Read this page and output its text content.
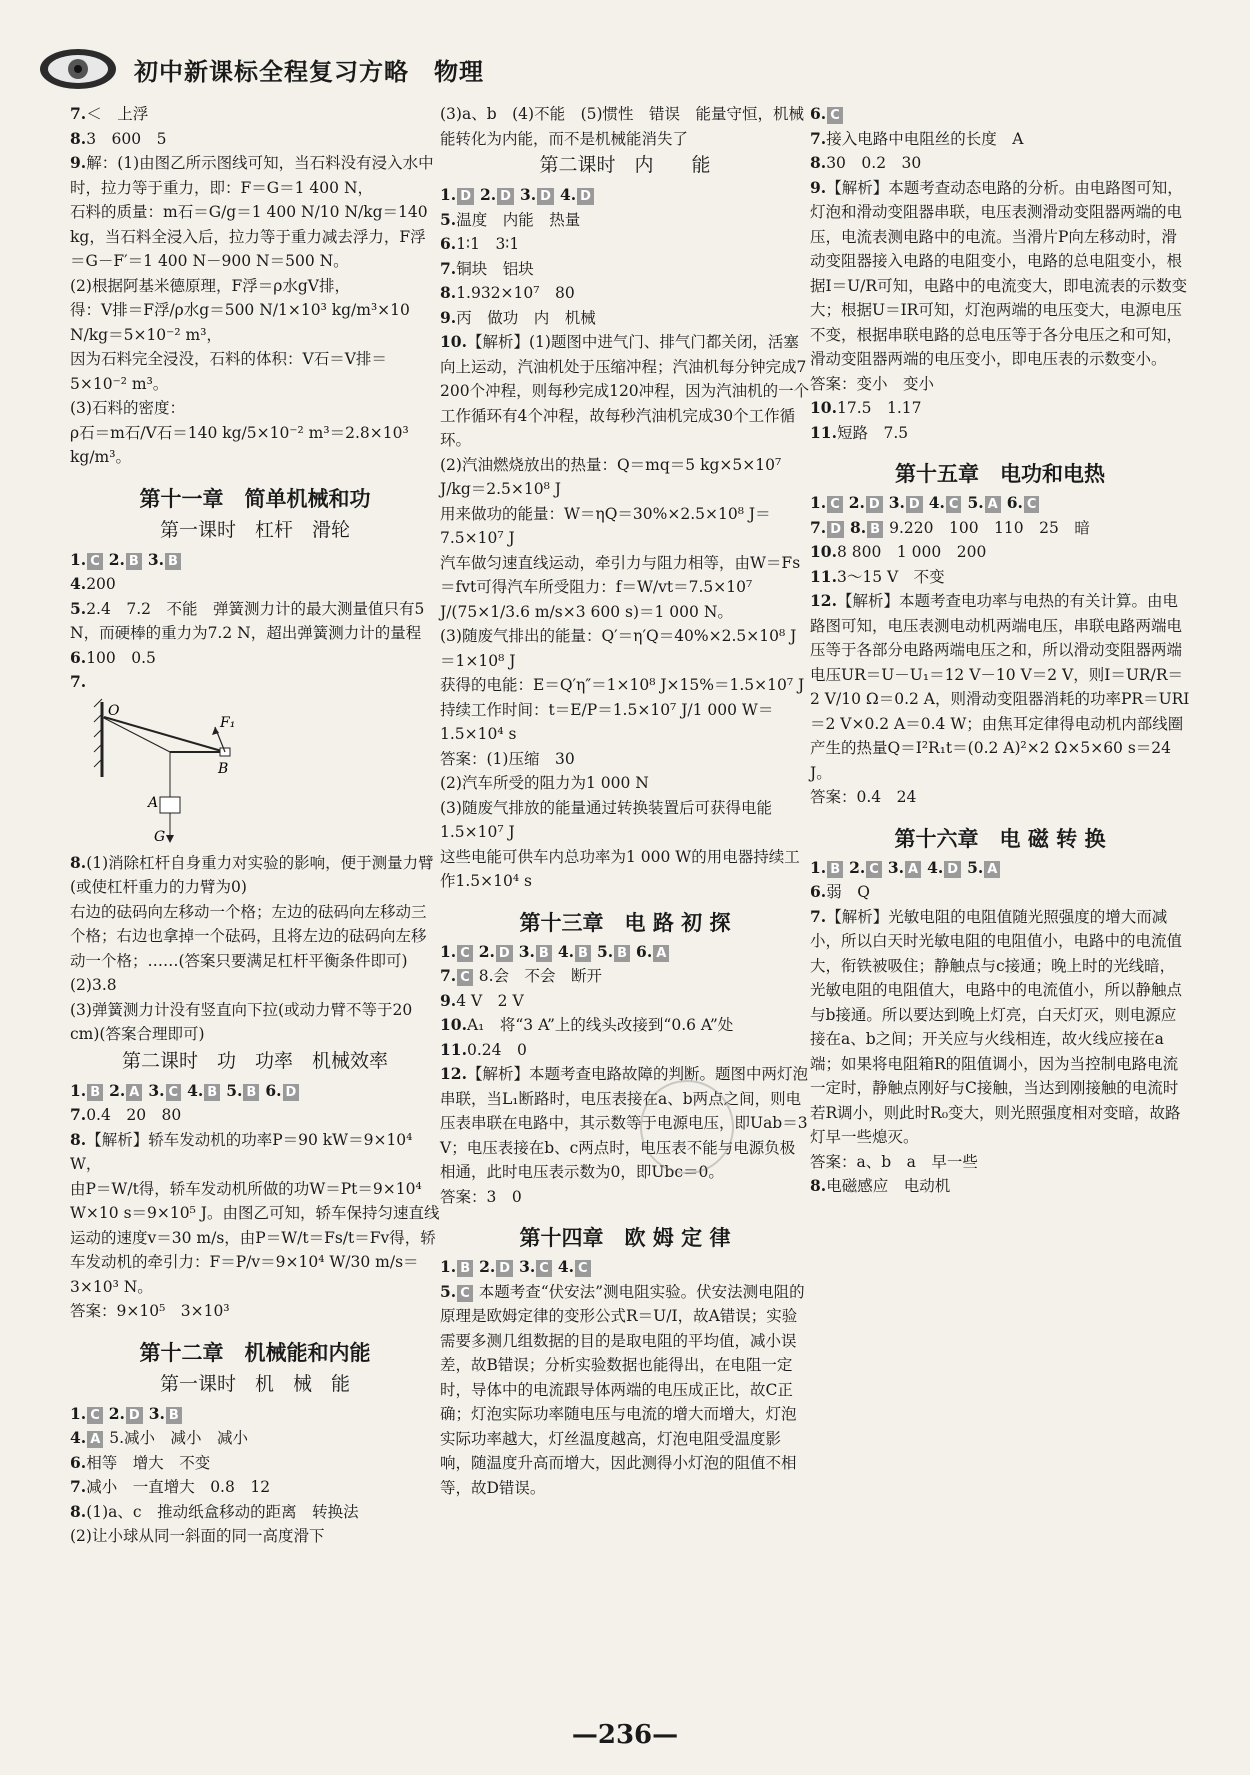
初中新课标全程复习方略　物理
7.＜　上浮
8.3　600　5
9.解：(1)由图乙所示图线可知，当石料没有浸入水中时，拉力等于重力，即：F＝G＝1 400 N，
石料的质量：m石＝G/g＝1 400 N/10 N/kg＝140 kg，当石料全浸入后，拉力等于重力减去浮力，F浮＝G－F′＝1 400 N－900 N＝500 N。
(2)根据阿基米德原理，F浮＝ρ水gV排，
得：V排＝F浮/ρ水g＝500 N/1×10³ kg/m³×10 N/kg＝5×10⁻² m³，
因为石料完全浸没，石料的体积：V石＝V排＝5×10⁻² m³。
(3)石料的密度：
ρ石＝m石/V石＝140 kg/5×10⁻² m³＝2.8×10³ kg/m³。
第十一章　简单机械和功
第一课时　杠杆　滑轮
1. C 2. B 3. B
4.200
5.2.4　7.2　不能　弹簧测力计的最大测量值只有5 N，而硬棒的重力为7.2 N，超出弹簧测力计的量程
6.100　0.5
7.
O
F₁
B
A
G
8.(1)消除杠杆自身重力对实验的影响，便于测量力臂(或使杠杆重力的力臂为0)
右边的砝码向左移动一个格；左边的砝码向左移动三个格；右边也拿掉一个砝码，且将左边的砝码向左移动一个格；……(答案只要满足杠杆平衡条件即可)
(2)3.8
(3)弹簧测力计没有竖直向下拉(或动力臂不等于20 cm)(答案合理即可)
第二课时　功　功率　机械效率
1. B 2. A 3. C 4. B 5. B 6. D
7.0.4　20　80
8.【解析】轿车发动机的功率P＝90 kW＝9×10⁴ W，
由P＝W/t得，轿车发动机所做的功W＝Pt＝9×10⁴ W×10 s＝9×10⁵ J。由图乙可知，轿车保持匀速直线运动的速度v＝30 m/s，由P＝W/t＝Fs/t＝Fv得，轿车发动机的牵引力：F＝P/v＝9×10⁴ W/30 m/s＝3×10³ N。
答案：9×10⁵　3×10³
第十二章　机械能和内能
第一课时　机　械　能
1. C 2. D 3. B
4. A 5.减小　减小　减小
6.相等　增大　不变
7.减小　一直增大　0.8　12
8.(1)a、c　推动纸盒移动的距离　转换法
(2)让小球从同一斜面的同一高度滑下
(3)a、b　(4)不能　(5)惯性　错误　能量守恒，机械能转化为内能，而不是机械能消失了
第二课时　内　　能
1. D 2. D 3. D 4. D
5.温度　内能　热量
6.1∶1　3∶1
7.铜块　铝块
8.1.932×10⁷　80
9.丙　做功　内　机械
10.【解析】(1)题图中进气门、排气门都关闭，活塞向上运动，汽油机处于压缩冲程；汽油机每分钟完成7 200个冲程，则每秒完成120冲程，因为汽油机的一个工作循环有4个冲程，故每秒汽油机完成30个工作循环。
(2)汽油燃烧放出的热量：Q＝mq＝5 kg×5×10⁷ J/kg＝2.5×10⁸ J
用来做功的能量：W＝ηQ＝30%×2.5×10⁸ J＝7.5×10⁷ J
汽车做匀速直线运动，牵引力与阻力相等，由W＝Fs＝fvt可得汽车所受阻力：f＝W/vt＝7.5×10⁷ J/(75×1/3.6 m/s×3 600 s)＝1 000 N。
(3)随废气排出的能量：Q′＝η′Q＝40%×2.5×10⁸ J＝1×10⁸ J
获得的电能：E＝Q′η″＝1×10⁸ J×15%＝1.5×10⁷ J
持续工作时间：t＝E/P＝1.5×10⁷ J/1 000 W＝1.5×10⁴ s
答案：(1)压缩　30
(2)汽车所受的阻力为1 000 N
(3)随废气排放的能量通过转换装置后可获得电能1.5×10⁷ J
这些电能可供车内总功率为1 000 W的用电器持续工作1.5×10⁴ s
第十三章　电 路 初 探
1. C 2. D 3. B 4. B 5. B 6. A
7. C 8.会　不会　断开
9.4 V　2 V
10.A₁　将“3 A”上的线头改接到“0.6 A”处
11.0.24　0
12.【解析】本题考查电路故障的判断。题图中两灯泡串联，当L₁断路时，电压表接在a、b两点之间，则电压表串联在电路中，其示数等于电源电压，即Uab＝3 V；电压表接在b、c两点时，电压表不能与电源负极相通，此时电压表示数为0，即Ubc＝0。
答案：3　0
第十四章　欧 姆 定 律
1. B 2. D 3. C 4. C
5. C 本题考查“伏安法”测电阻实验。伏安法测电阻的原理是欧姆定律的变形公式R＝U/I，故A错误；实验需要多测几组数据的目的是取电阻的平均值，减小误差，故B错误；分析实验数据也能得出，在电阻一定时，导体中的电流跟导体两端的电压成正比，故C正确；灯泡实际功率随电压与电流的增大而增大，灯泡实际功率越大，灯丝温度越高，灯泡电阻受温度影响，随温度升高而增大，因此测得小灯泡的阻值不相等，故D错误。
6. C
7.接入电路中电阻丝的长度　A
8.30　0.2　30
9.【解析】本题考查动态电路的分析。由电路图可知，灯泡和滑动变阻器串联，电压表测滑动变阻器两端的电压，电流表测电路中的电流。当滑片P向左移动时，滑动变阻器接入电路的电阻变小，电路的总电阻变小，根据I＝U/R可知，电路中的电流变大，即电流表的示数变大；根据U＝IR可知，灯泡两端的电压变大，电源电压不变，根据串联电路的总电压等于各分电压之和可知，滑动变阻器两端的电压变小，即电压表的示数变小。
答案：变小　变小
10.17.5　1.17
11.短路　7.5
第十五章　电功和电热
1. C 2. D 3. D 4. C 5. A 6. C
7. D 8. B 9.220　100　110　25　暗
10.8 800　1 000　200
11.3～15 V　不变
12.【解析】本题考查电功率与电热的有关计算。由电路图可知，电压表测电动机两端电压，串联电路两端电压等于各部分电路两端电压之和，所以滑动变阻器两端电压UR＝U－U₁＝12 V－10 V＝2 V，则I＝UR/R＝2 V/10 Ω＝0.2 A，则滑动变阻器消耗的功率PR＝URI＝2 V×0.2 A＝0.4 W；由焦耳定律得电动机内部线圈产生的热量Q＝I²R₁t＝(0.2 A)²×2 Ω×5×60 s＝24 J。
答案：0.4　24
第十六章　电 磁 转 换
1. B 2. C 3. A 4. D 5. A
6.弱　Q
7.【解析】光敏电阻的电阻值随光照强度的增大而减小，所以白天时光敏电阻的电阻值小，电路中的电流值大，衔铁被吸住；静触点与c接通；晚上时的光线暗，光敏电阻的电阻值大，电路中的电流值小，所以静触点与b接通。所以要达到晚上灯亮，白天灯灭，则电源应接在a、b之间；开关应与火线相连，故火线应接在a端；如果将电阻箱R的阻值调小，因为当控制电路电流一定时，静触点刚好与C接触，当达到刚接触的电流时若R调小，则此时R₀变大，则光照强度相对变暗，故路灯早一些熄灭。
答案：a、b　a　早一些
8.电磁感应　电动机
—236—
